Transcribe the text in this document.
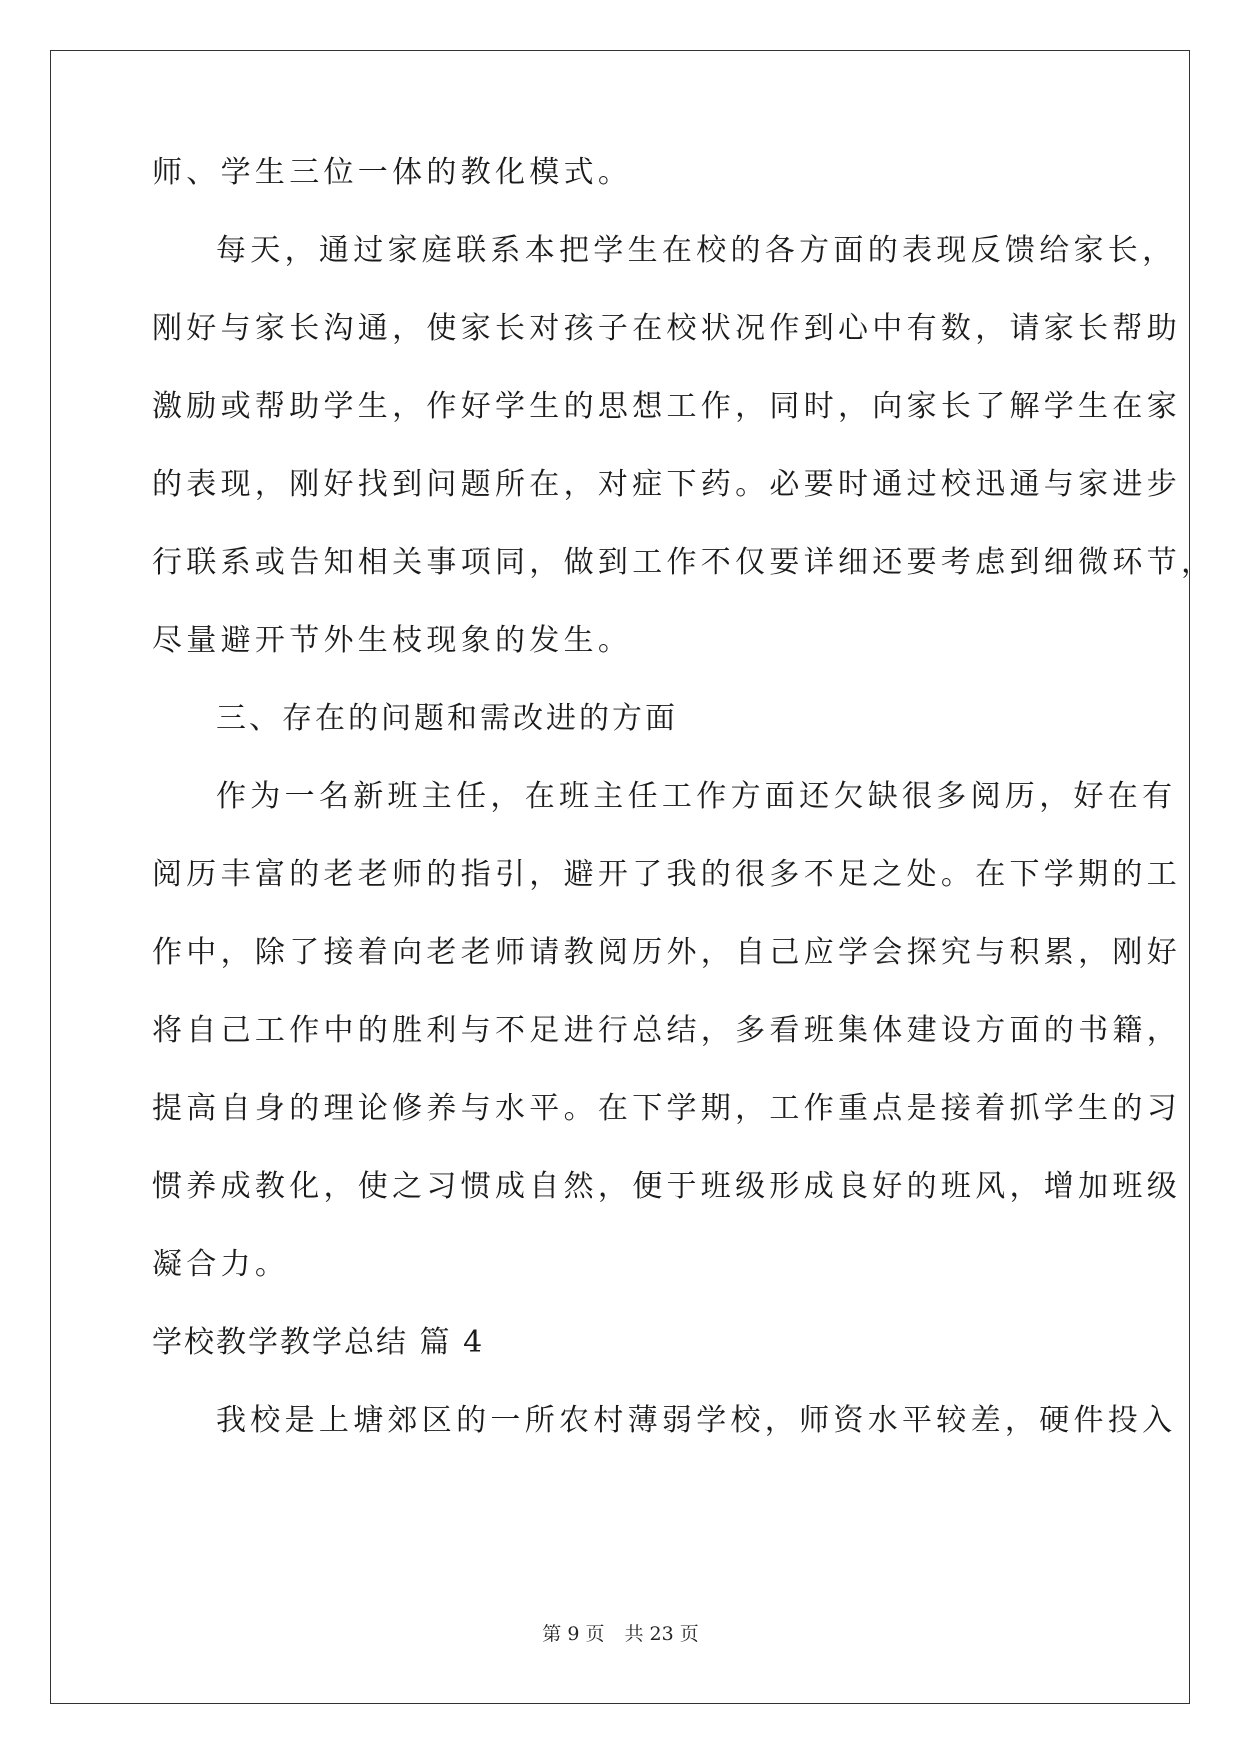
师、学生三位一体的教化模式。
每天，通过家庭联系本把学生在校的各方面的表现反馈给家长，
刚好与家长沟通，使家长对孩子在校状况作到心中有数，请家长帮助
激励或帮助学生，作好学生的思想工作，同时，向家长了解学生在家
的表现，刚好找到问题所在，对症下药。必要时通过校迅通与家进步
行联系或告知相关事项同，做到工作不仅要详细还要考虑到细微环节，
尽量避开节外生枝现象的发生。
三、存在的问题和需改进的方面
作为一名新班主任，在班主任工作方面还欠缺很多阅历，好在有
阅历丰富的老老师的指引，避开了我的很多不足之处。在下学期的工
作中，除了接着向老老师请教阅历外，自己应学会探究与积累，刚好
将自己工作中的胜利与不足进行总结，多看班集体建设方面的书籍，
提高自身的理论修养与水平。在下学期，工作重点是接着抓学生的习
惯养成教化，使之习惯成自然，便于班级形成良好的班风，增加班级
凝合力。
学校教学教学总结 篇 4
我校是上塘郊区的一所农村薄弱学校，师资水平较差，硬件投入
第 9 页 共 23 页
